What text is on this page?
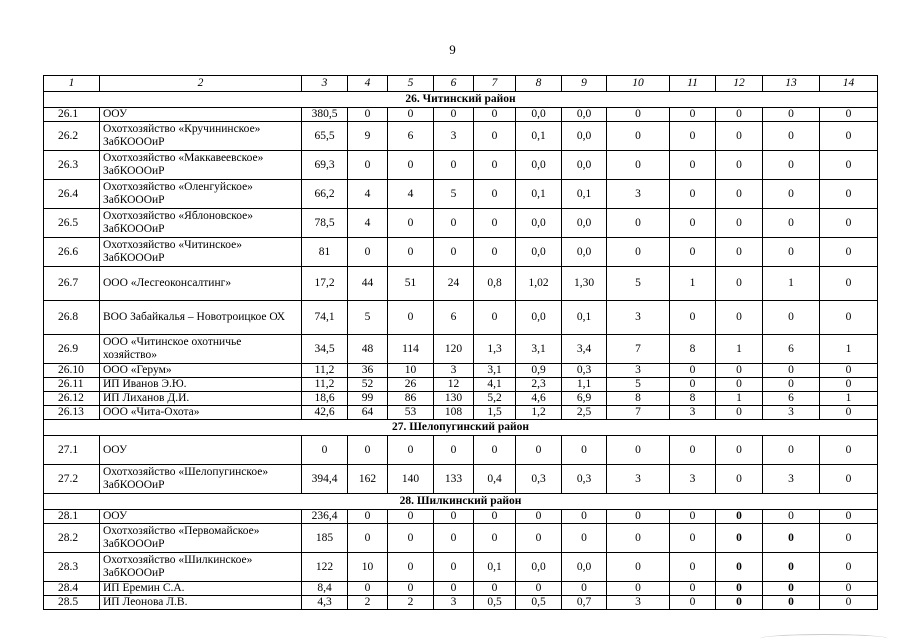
9
1	2	3	4	5	6	7	8	9	10	11	12	13	14
26. Читинский район													
26.1	ООУ	380,5	0	0	0	0	0,0	0,0	0	0	0	0	0
26.2	Охотхозяйство «Кручининское» ЗабКОООиР	65,5	9	6	3	0	0,1	0,0	0	0	0	0	0
26.3	Охотхозяйство «Маккавеевское» ЗабКОООиР	69,3	0	0	0	0	0,0	0,0	0	0	0	0	0
26.4	Охотхозяйство «Оленгуйское» ЗабКОООиР	66,2	4	4	5	0	0,1	0,1	3	0	0	0	0
26.5	Охотхозяйство «Яблоновское» ЗабКОООиР	78,5	4	0	0	0	0,0	0,0	0	0	0	0	0
26.6	Охотхозяйство «Читинское» ЗабКОООиР	81	0	0	0	0	0,0	0,0	0	0	0	0	0
26.7	ООО «Лесгеоконсалтинг»	17,2	44	51	24	0,8	1,02	1,30	5	1	0	1	0
26.8	ВОО Забайкалья – Новотроицкое ОХ	74,1	5	0	6	0	0,0	0,1	3	0	0	0	0
26.9	ООО «Читинское охотничье хозяйство»	34,5	48	114	120	1,3	3,1	3,4	7	8	1	6	1
26.10	ООО «Герум»	11,2	36	10	3	3,1	0,9	0,3	3	0	0	0	0
26.11	ИП Иванов Э.Ю.	11,2	52	26	12	4,1	2,3	1,1	5	0	0	0	0
26.12	ИП Лиханов Д.И.	18,6	99	86	130	5,2	4,6	6,9	8	8	1	6	1
26.13	ООО «Чита-Охота»	42,6	64	53	108	1,5	1,2	2,5	7	3	0	3	0
27. Шелопугинский район													
27.1	ООУ	0	0	0	0	0	0	0	0	0	0	0	0
27.2	Охотхозяйство «Шелопугинское» ЗабКОООиР	394,4	162	140	133	0,4	0,3	0,3	3	3	0	3	0
28. Шилкинский район													
28.1	ООУ	236,4	0	0	0	0	0	0	0	0	0	0	0
28.2	Охотхозяйство «Первомайское» ЗабКОООиР	185	0	0	0	0	0	0	0	0	0	0	0
28.3	Охотхозяйство «Шилкинское» ЗабКОООиР	122	10	0	0	0,1	0,0	0,0	0	0	0	0	0
28.4	ИП Еремин С.А.	8,4	0	0	0	0	0	0	0	0	0	0	0
28.5	ИП Леонова Л.В.	4,3	2	2	3	0,5	0,5	0,7	3	0	0	0	0
